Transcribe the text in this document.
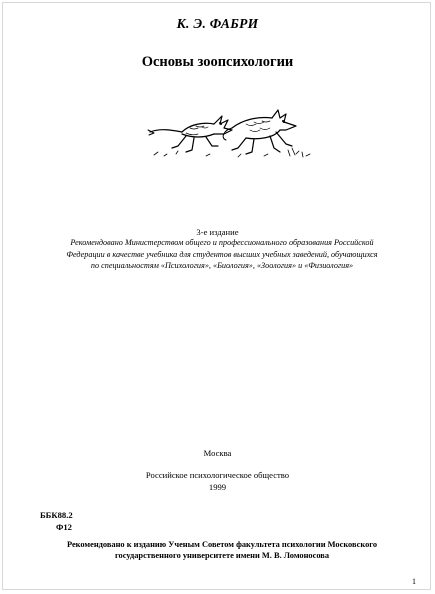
К. Э. ФАБРИ
Основы зоопсихологии
3-е издание
Рекомендовано Министерством общего и профессионального образования Российской Федерации в качестве учебника для студентов высших учебных заведений, обучающихся по специальностям «Психология», «Биология», «Зоология» и «Физиология»
Москва
Российское психологическое общество
1999
ББК88.2
Ф12
Рекомендовано к изданию Ученым Советом факультета психологии Московского государственного университете имени М. В. Ломоносова
1
